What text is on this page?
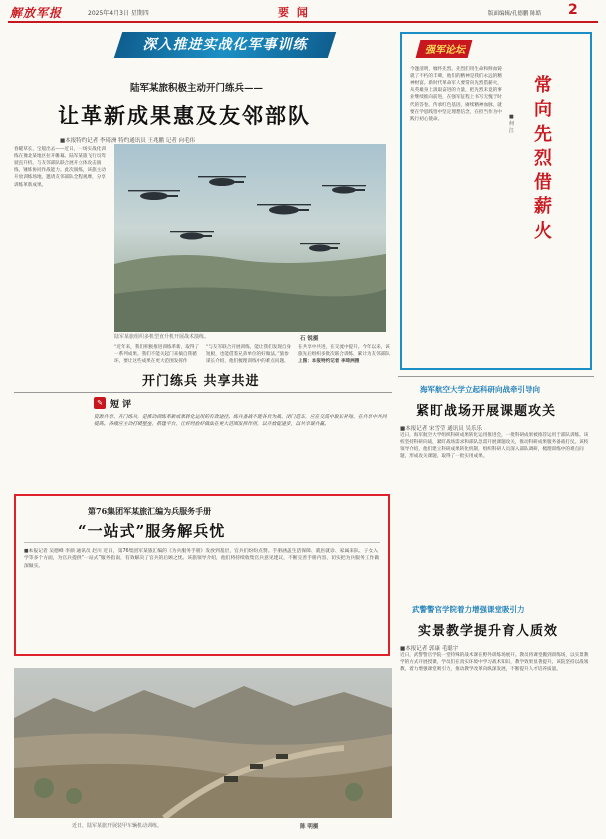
解放军报	2025年4月3日 星期四	要 闻	版面编辑/孔德鹏 陈皓 2
深入推进实战化军事训练
陆军某旅积极主动开门练兵——
让革新成果惠及友邻部队
■本报特约记者 李琦洲 特约通讯员 王兆鹏 记者 向毛伟
春暖草长，宝船出去——近日，一场实战化训练在豫北某地区拉开帷幕。陆军某旅飞行员驾驶直升机，与友邻部队联合展开立体攻击演练，锤炼协同作战能力。此次演练，该旅主动开放训练场地，邀请友邻部队全程观摩，分享训练革新成果。
陆军某旅组织多机型直升机开展战术演练。	石 锐摄
“近年来，我们积极推进训练革新，取得了一系列成果。我们不能关起门来搞自我循环，要让这些成果在更大范围发挥作
“与友军联合开展训练，能让我们发现自身短板，也能借鉴兄弟单位的好做法。”旅参谋长介绍，他们梳理训练中的难点问题，
在共享中共进，在交流中提升。今年以来，该旅先后组织多批次联合训练，累计为友邻部队
上图：本报特约记者 李琦洲摄
开门练兵 共享共进
✎ 短 评
资源共享、开门练兵，是推动训练革新成果转化运用的有效途径。练兵备战不能各自为战、闭门造车，应在交流中取长补短、在共享中共同提高。各级应主动打破壁垒，搭建平台，让好经验好做法在更大范围发挥作用，以开放促进步，以共享谋共赢。
第76集团军某旅汇编为兵服务手册
“一站式”服务解兵忧
■本报记者 吴德峰 李颜 通讯员 赵川 近日，第76集团军某旅汇编的《为兵服务手册》发放到基层，官兵们纷纷点赞。手册涵盖生活保障、就医就诊、家属来队、子女入学等多个方面，为官兵提供“一站式”服务指南，有效解决了官兵的后顾之忧。该旅领导介绍，他们将持续收集官兵意见建议，不断完善手册内容，切实把为兵服务工作做深做实。
强军论坛
今逢清明，缅怀先烈。先烈们用生命和鲜血铸就了不朽的丰碑，他们的精神是我们永远的精神财富。新时代革命军人要常向先烈借薪火，从英雄身上汲取奋进的力量，把先烈未竟的事业继续推向前进，在强军征程上书写无愧于时代的答卷。传承红色基因，赓续精神血脉，就要在学思践悟中坚定理想信念，在担当作为中践行初心使命。	■何 江
常向先烈借薪火
海军航空大学立起科研向战牵引导向
紧盯战场开展课题攻关
■本报记者 宋雪莹 通讯员 吴乐乐
近日，海军航空大学组织科研成果转化运用推进会，一批科研成果被推荐运用于部队训练。该校坚持科研向战，紧盯战场需求和部队急需开展课题攻关，推动科研成果服务备战打仗。该校领导介绍，他们建立科研成果转化机制，组织科研人员深入部队调研，梳理训练中的难点问题，形成攻关课题，取得了一批实用成果。
武警警官学院着力增强课堂吸引力
实景教学提升育人质效
■本报记者 郭康 毛聪宇
近日，武警警官学院一堂特殊的战术课在野外训练场展开。教员将课堂搬到训练场，以实景教学的方式开展授课，学员们在真实环境中学习战术知识，教学效果显著提升。该院坚持以战领教，着力增强课堂吸引力，推动教学改革向纵深发展，不断提升人才培养质量。
近日，陆军某旅开展装甲车辆机动训练。	陈 明摄
